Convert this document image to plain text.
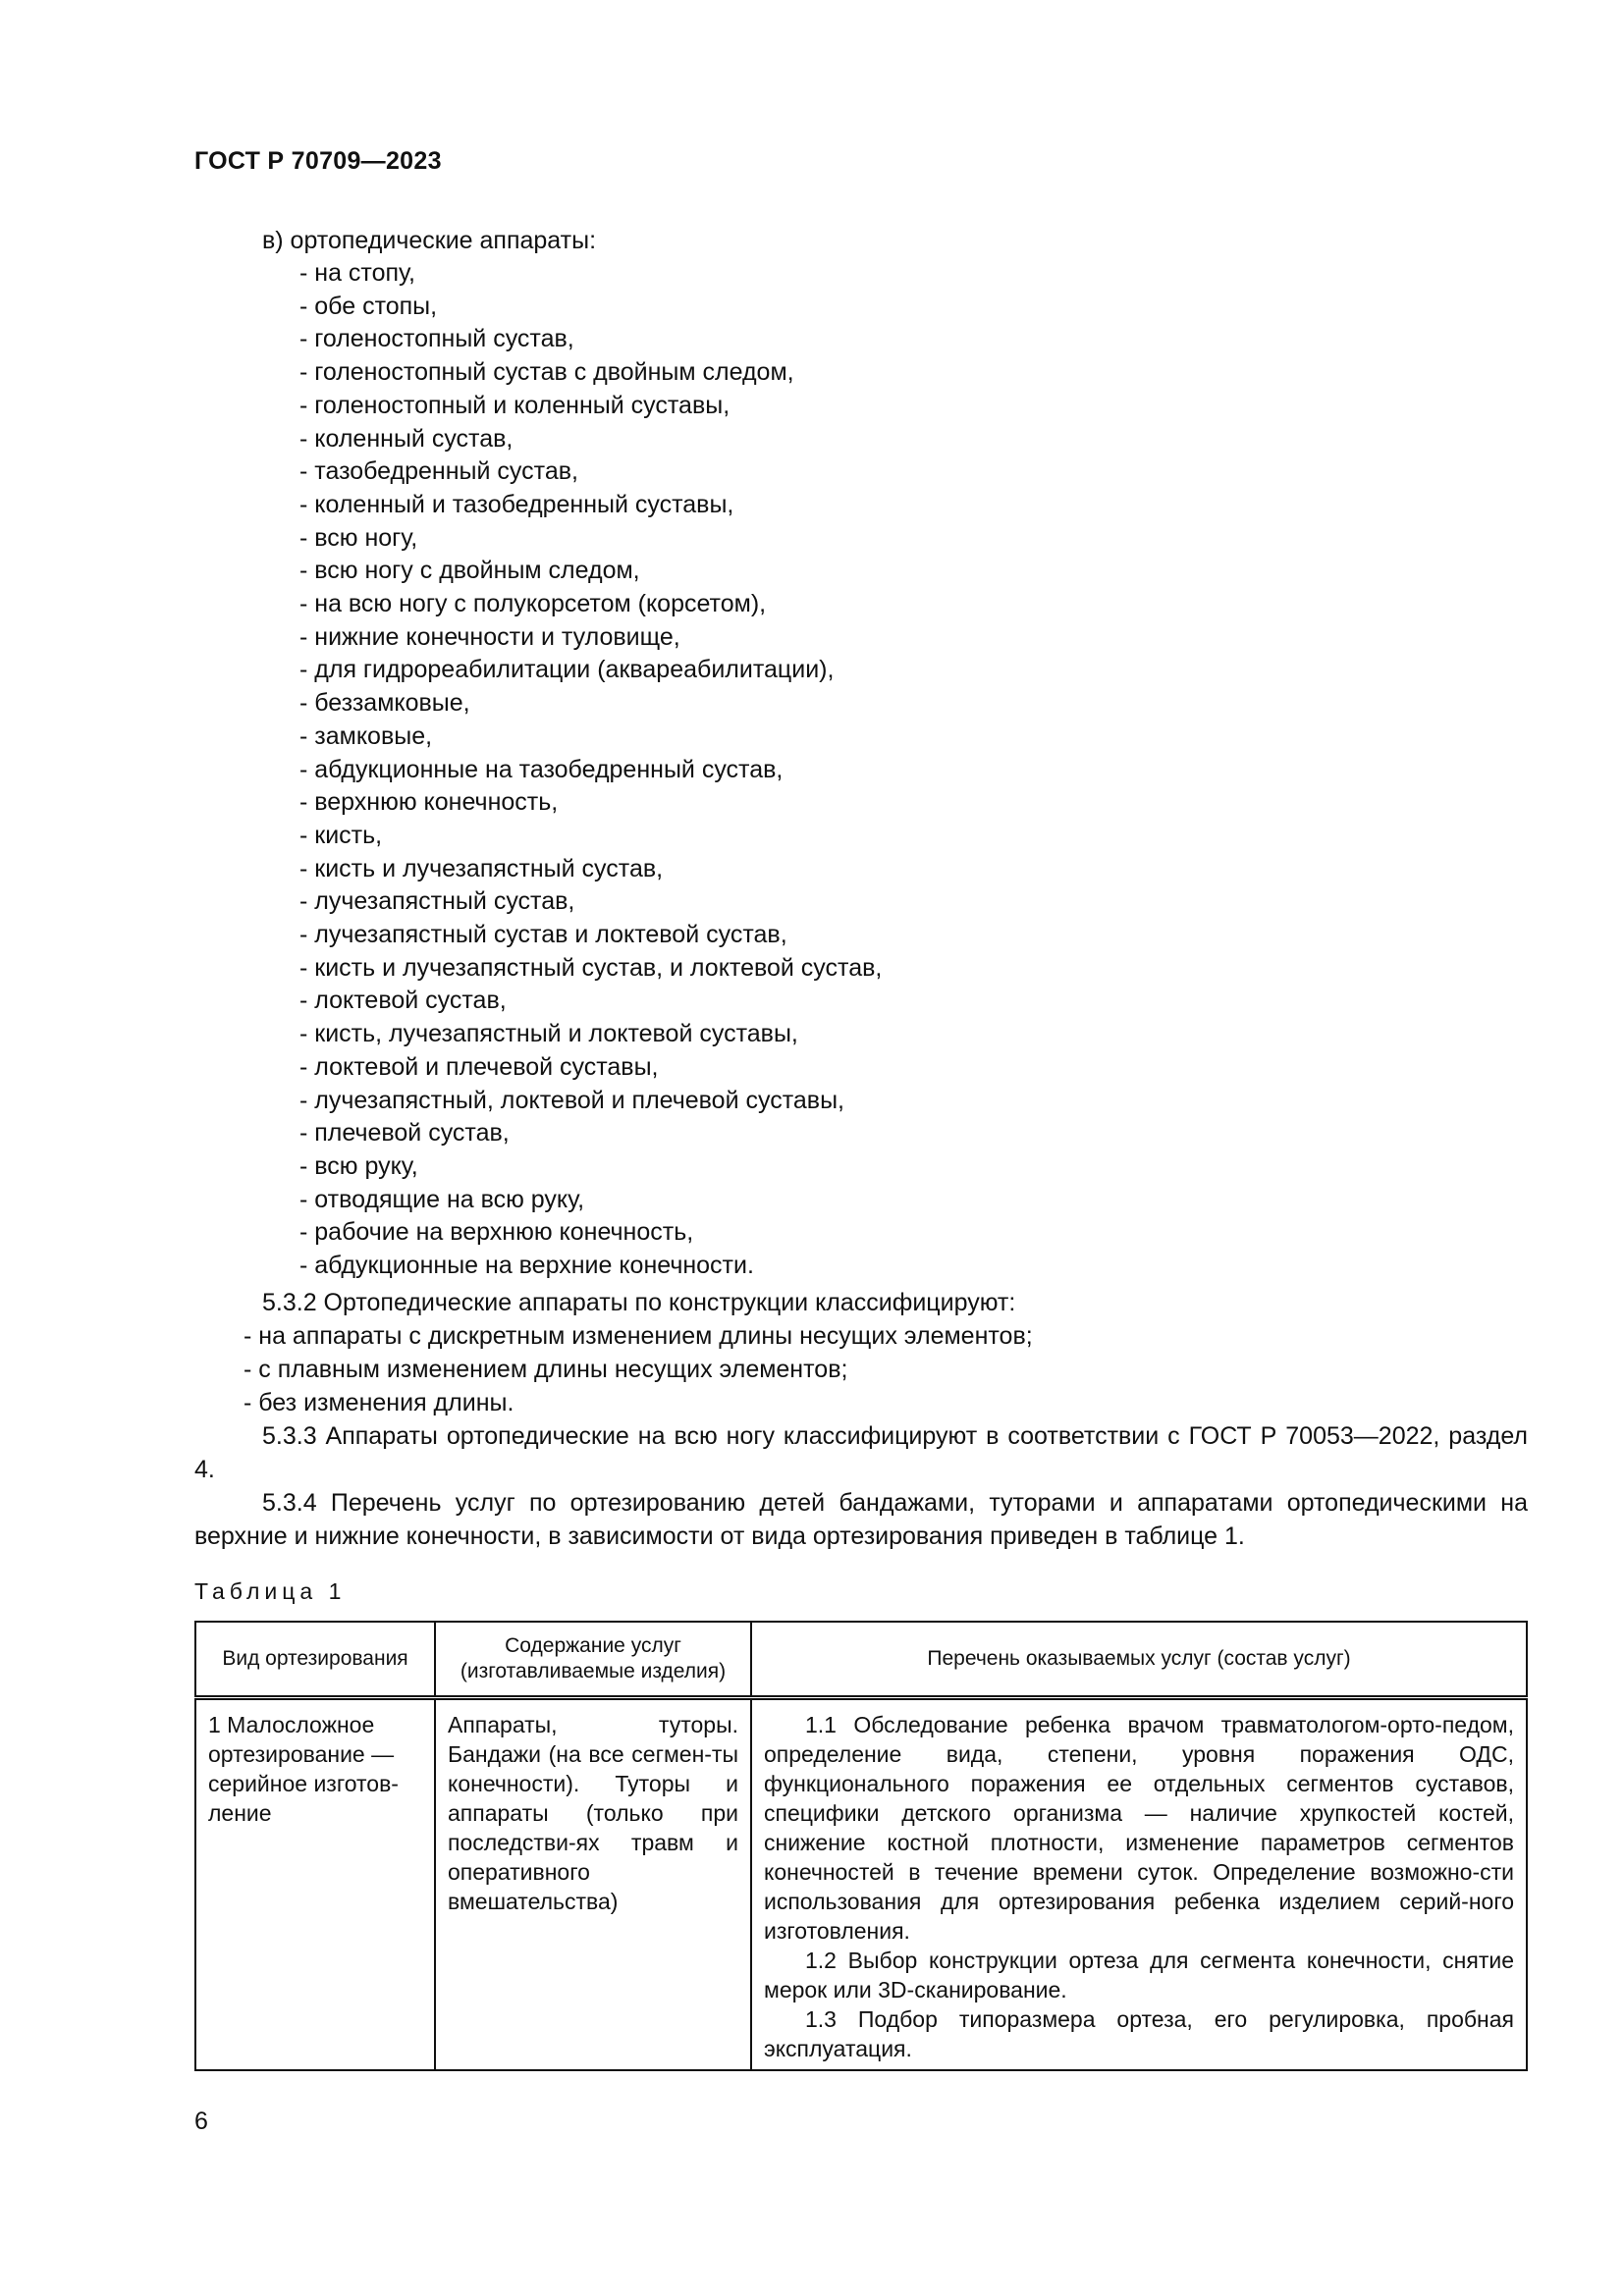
ГОСТ Р 70709—2023
в) ортопедические аппараты:
- на стопу,
- обе стопы,
- голеностопный сустав,
- голеностопный сустав с двойным следом,
- голеностопный и коленный суставы,
- коленный сустав,
- тазобедренный сустав,
- коленный и тазобедренный суставы,
- всю ногу,
- всю ногу с двойным следом,
- на всю ногу с полукорсетом (корсетом),
- нижние конечности и туловище,
- для гидрореабилитации (аквареабилитации),
- беззамковые,
- замковые,
- абдукционные на тазобедренный сустав,
- верхнюю конечность,
- кисть,
- кисть и лучезапястный сустав,
- лучезапястный сустав,
- лучезапястный сустав и локтевой сустав,
- кисть и лучезапястный сустав, и локтевой сустав,
- локтевой сустав,
- кисть, лучезапястный и локтевой суставы,
- локтевой и плечевой суставы,
- лучезапястный, локтевой и плечевой суставы,
- плечевой сустав,
- всю руку,
- отводящие на всю руку,
- рабочие на верхнюю конечность,
- абдукционные на верхние конечности.
5.3.2 Ортопедические аппараты по конструкции классифицируют:
- на аппараты с дискретным изменением длины несущих элементов;
- с плавным изменением длины несущих элементов;
- без изменения длины.
5.3.3 Аппараты ортопедические на всю ногу классифицируют в соответствии с ГОСТ Р 70053—2022, раздел 4.
5.3.4 Перечень услуг по ортезированию детей бандажами, туторами и аппаратами ортопедическими на верхние и нижние конечности, в зависимости от вида ортезирования приведен в таблице 1.
Таблица 1
Вид ортезирования	Содержание услуг (изготавливаемые изделия)	Перечень оказываемых услуг (состав услуг)

1 Малосложное ортезирование — серийное изготов-ление	Аппараты, туторы. Бандажи (на все сегмен-ты конечности). Туторы и аппараты (только при последстви-ях травм и оперативного вмешательства)	1.1 Обследование ребенка врачом травматологом-орто-педом, определение вида, степени, уровня поражения ОДС, функционального поражения ее отдельных сегментов суставов, специфики детского организма — наличие хрупкостей костей, снижение костной плотности, изменение параметров сегментов конечностей в течение времени суток. Определение возможно-сти использования для ортезирования ребенка изделием серий-ного изготовления.

1.2 Выбор конструкции ортеза для сегмента конечности, снятие мерок или 3D-сканирование.

1.3 Подбор типоразмера ортеза, его регулировка, пробная эксплуатация.

6
